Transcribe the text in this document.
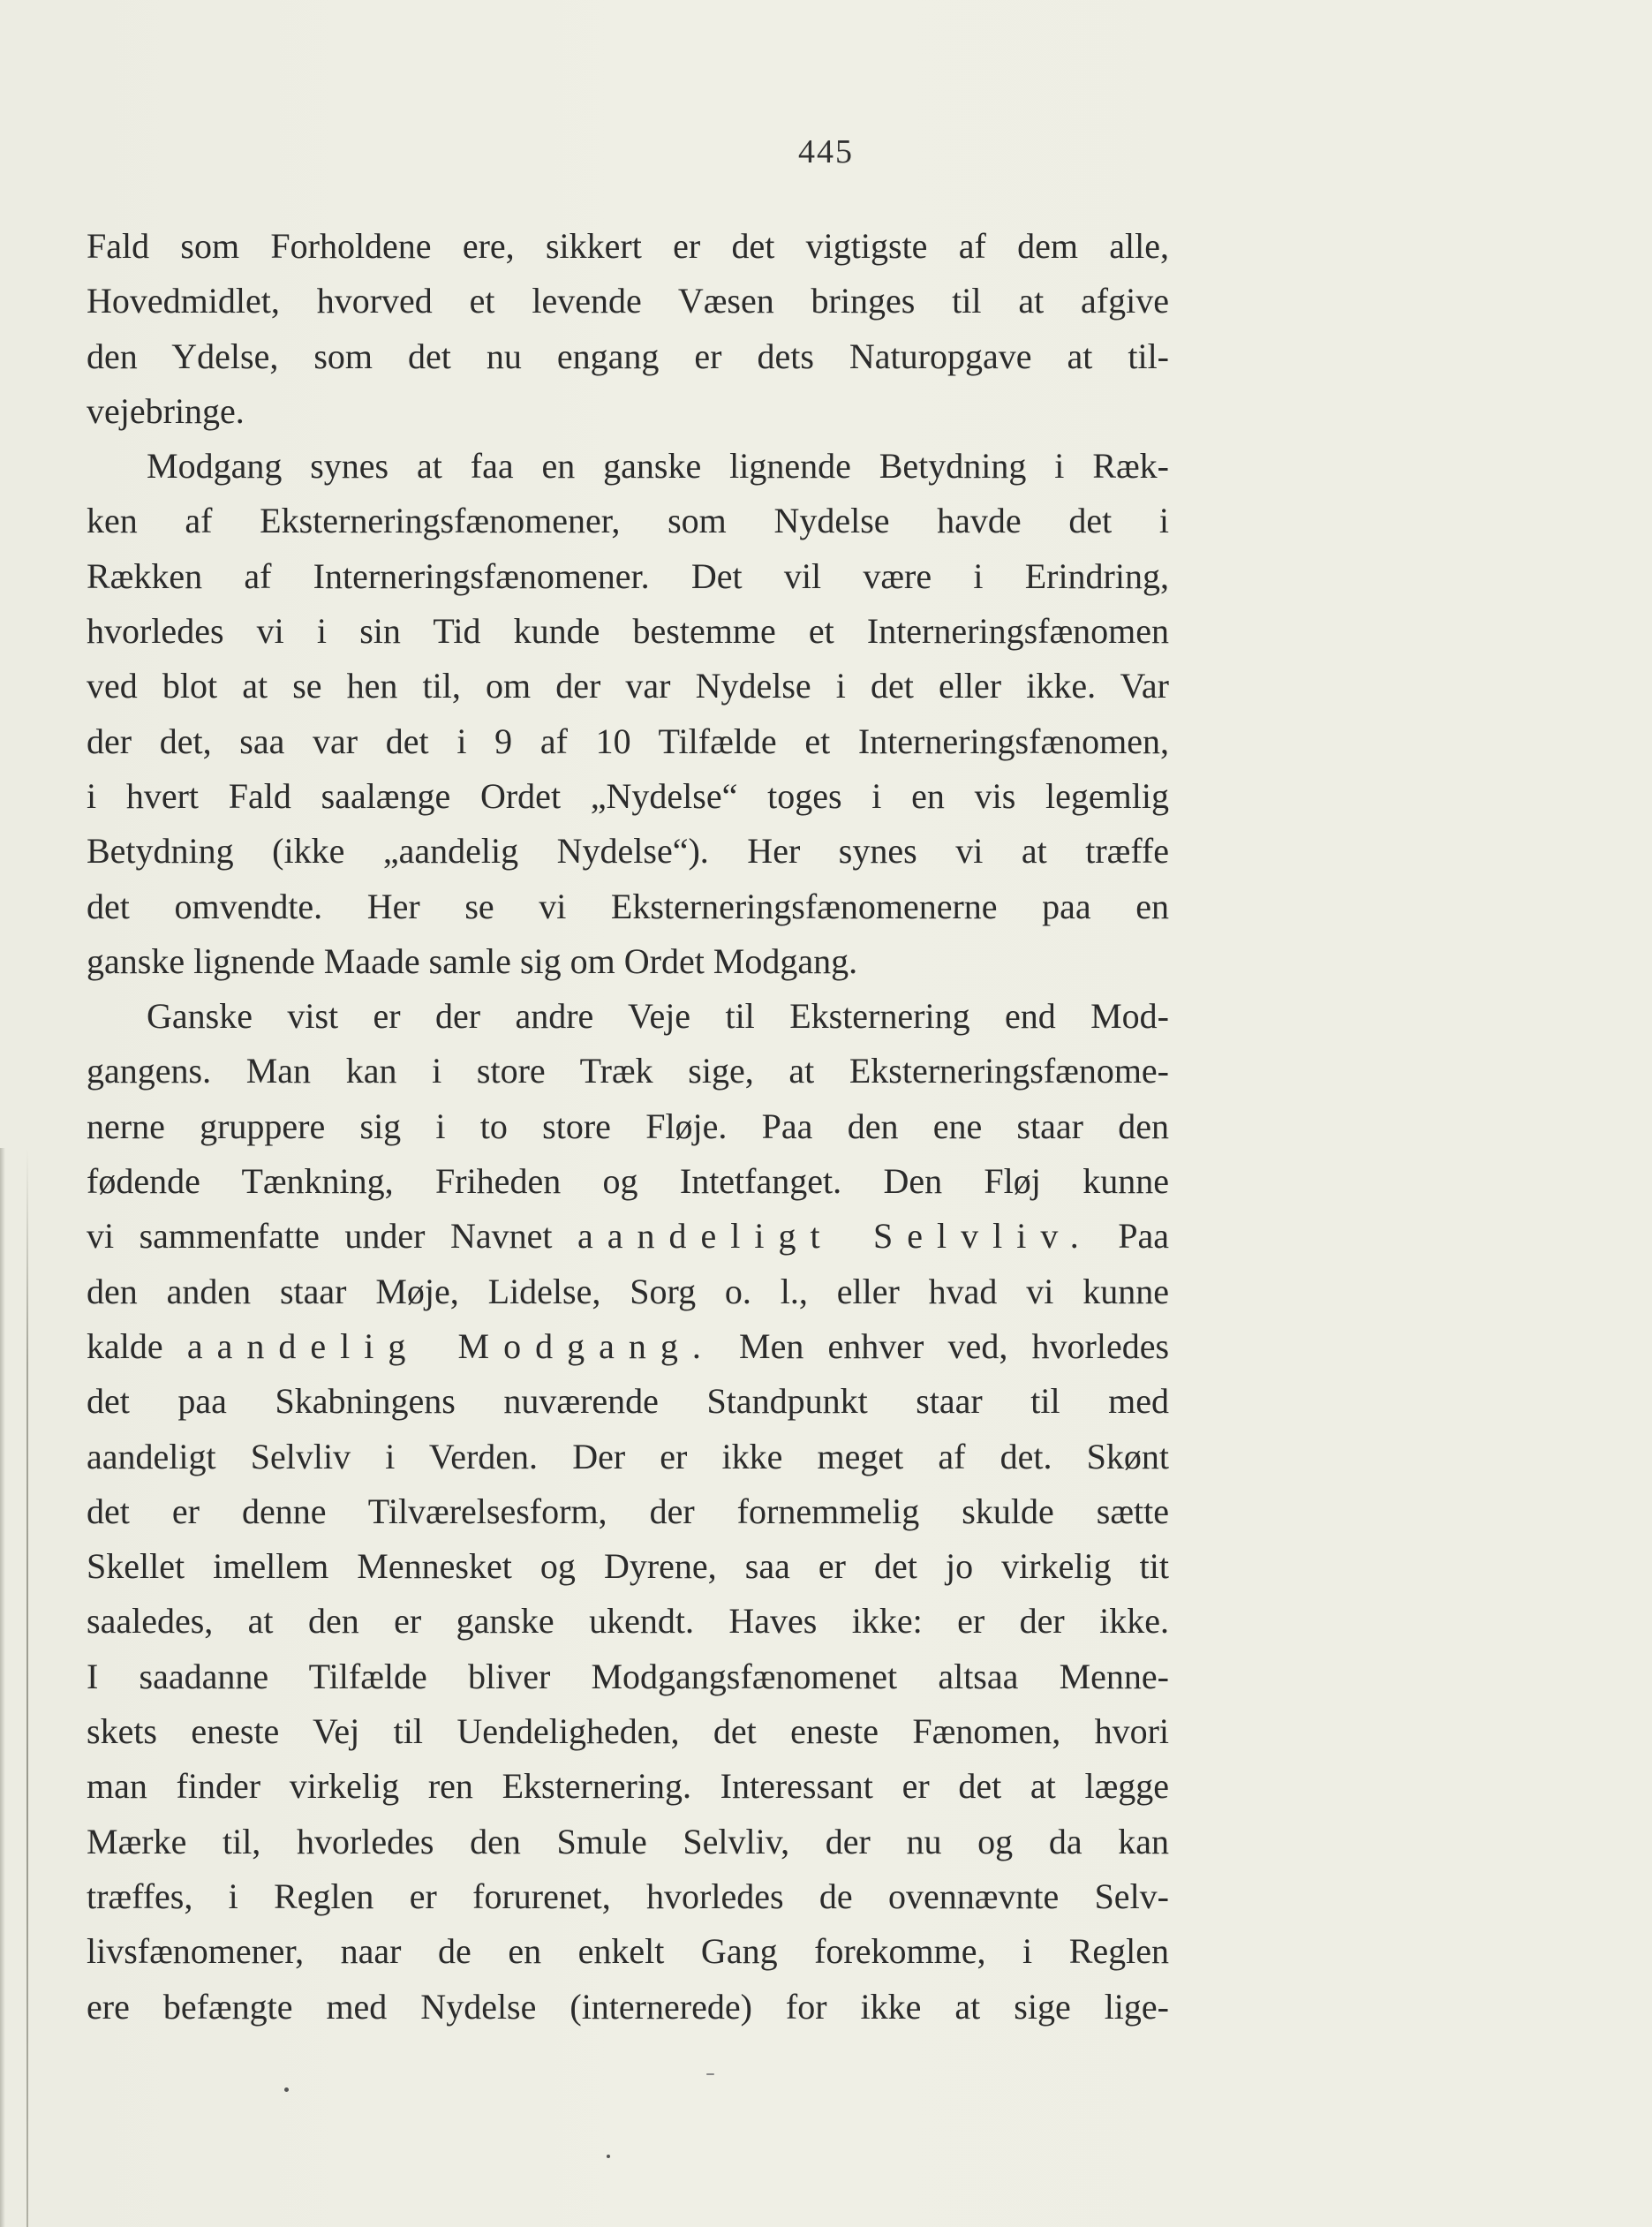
445
Fald som Forholdene ere, sikkert er det vigtigste af dem alle,
Hovedmidlet, hvorved et levende Væsen bringes til at afgive
den Ydelse, som det nu engang er dets Naturopgave at til-
vejebringe.
Modgang synes at faa en ganske lignende Betydning i Ræk-
ken af Eksterneringsfænomener, som Nydelse havde det i
Rækken af Interneringsfænomener. Det vil være i Erindring,
hvorledes vi i sin Tid kunde bestemme et Interneringsfænomen
ved blot at se hen til, om der var Nydelse i det eller ikke. Var
der det, saa var det i 9 af 10 Tilfælde et Interneringsfænomen,
i hvert Fald saalænge Ordet „Nydelse“ toges i en vis legemlig
Betydning (ikke „aandelig Nydelse“). Her synes vi at træffe
det omvendte. Her se vi Eksterneringsfænomenerne paa en
ganske lignende Maade samle sig om Ordet Modgang.
Ganske vist er der andre Veje til Eksternering end Mod-
gangens. Man kan i store Træk sige, at Eksterneringsfænome-
nerne gruppere sig i to store Fløje. Paa den ene staar den
fødende Tænkning, Friheden og Intetfanget. Den Fløj kunne
vi sammenfatte under Navnet aandeligt Selvliv. Paa
den anden staar Møje, Lidelse, Sorg o. l., eller hvad vi kunne
kalde aandelig Modgang. Men enhver ved, hvorledes
det paa Skabningens nuværende Standpunkt staar til med
aandeligt Selvliv i Verden. Der er ikke meget af det. Skønt
det er denne Tilværelsesform, der fornemmelig skulde sætte
Skellet imellem Mennesket og Dyrene, saa er det jo virkelig tit
saaledes, at den er ganske ukendt. Haves ikke: er der ikke.
I saadanne Tilfælde bliver Modgangsfænomenet altsaa Menne-
skets eneste Vej til Uendeligheden, det eneste Fænomen, hvori
man finder virkelig ren Eksternering. Interessant er det at lægge
Mærke til, hvorledes den Smule Selvliv, der nu og da kan
træffes, i Reglen er forurenet, hvorledes de ovennævnte Selv-
livsfænomener, naar de en enkelt Gang forekomme, i Reglen
ere befængte med Nydelse (internerede) for ikke at sige lige-
